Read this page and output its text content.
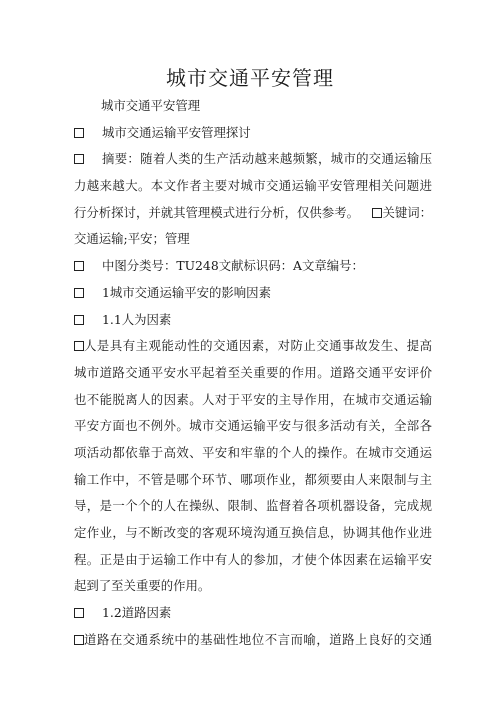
城市交通平安管理
城市交通平安管理
城市交通运输平安管理探讨
摘要：随着人类的生产活动越来越频繁，城市的交通运输压
力越来越大。本文作者主要对城市交通运输平安管理相关问题进
行分析探讨，并就其管理模式进行分析，仅供参考。	关键词：
交通运输;平安；管理
中图分类号：TU248文献标识码：A文章编号：
1城市交通运输平安的影响因素
1.1人为因素
人是具有主观能动性的交通因素，对防止交通事故发生、提高
城市道路交通平安水平起着至关重要的作用。道路交通平安评价
也不能脱离人的因素。人对于平安的主导作用，在城市交通运输
平安方面也不例外。城市交通运输平安与很多活动有关，全部各
项活动都依靠于高效、平安和牢靠的个人的操作。在城市交通运
输工作中，不管是哪个环节、哪项作业，都须要由人来限制与主
导，是一个个的人在操纵、限制、监督着各项机器设备，完成规
定作业，与不断改变的客观环境沟通互换信息，协调其他作业进
程。正是由于运输工作中有人的参加，才使个体因素在运输平安
起到了至关重要的作用。
1.2道路因素
道路在交通系统中的基础性地位不言而喻，道路上良好的交通
